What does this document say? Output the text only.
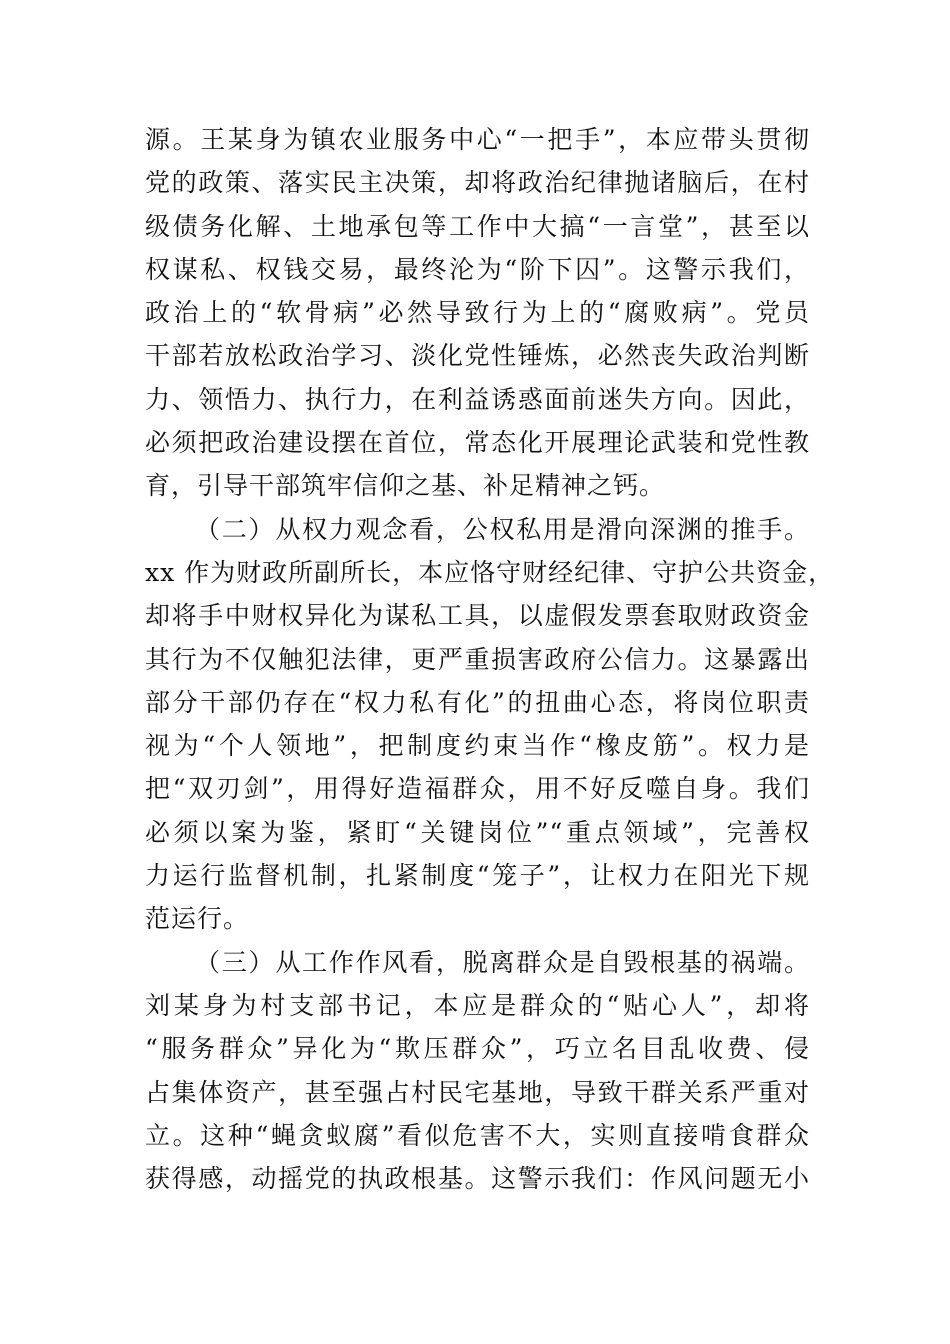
源。王某身为镇农业服务中心“一把手”，本应带头贯彻
党的政策、落实民主决策，却将政治纪律抛诸脑后，在村
级债务化解、土地承包等工作中大搞“一言堂”，甚至以
权谋私、权钱交易，最终沦为“阶下囚”。这警示我们，
政治上的“软骨病”必然导致行为上的“腐败病”。党员
干部若放松政治学习、淡化党性锤炼，必然丧失政治判断
力、领悟力、执行力，在利益诱惑面前迷失方向。因此，
必须把政治建设摆在首位，常态化开展理论武装和党性教
育，引导干部筑牢信仰之基、补足精神之钙。
（二）从权力观念看，公权私用是滑向深渊的推手。
xx 作为财政所副所长，本应恪守财经纪律、守护公共资金，
却将手中财权异化为谋私工具，以虚假发票套取财政资金
其行为不仅触犯法律，更严重损害政府公信力。这暴露出
部分干部仍存在“权力私有化”的扭曲心态，将岗位职责
视为“个人领地”，把制度约束当作“橡皮筋”。权力是
把“双刃剑”，用得好造福群众，用不好反噬自身。我们
必须以案为鉴，紧盯“关键岗位”“重点领域”，完善权
力运行监督机制，扎紧制度“笼子”，让权力在阳光下规
范运行。
（三）从工作作风看，脱离群众是自毁根基的祸端。
刘某身为村支部书记，本应是群众的“贴心人”，却将
“服务群众”异化为“欺压群众”，巧立名目乱收费、侵
占集体资产，甚至强占村民宅基地，导致干群关系严重对
立。这种“蝇贪蚁腐”看似危害不大，实则直接啃食群众
获得感，动摇党的执政根基。这警示我们：作风问题无小
